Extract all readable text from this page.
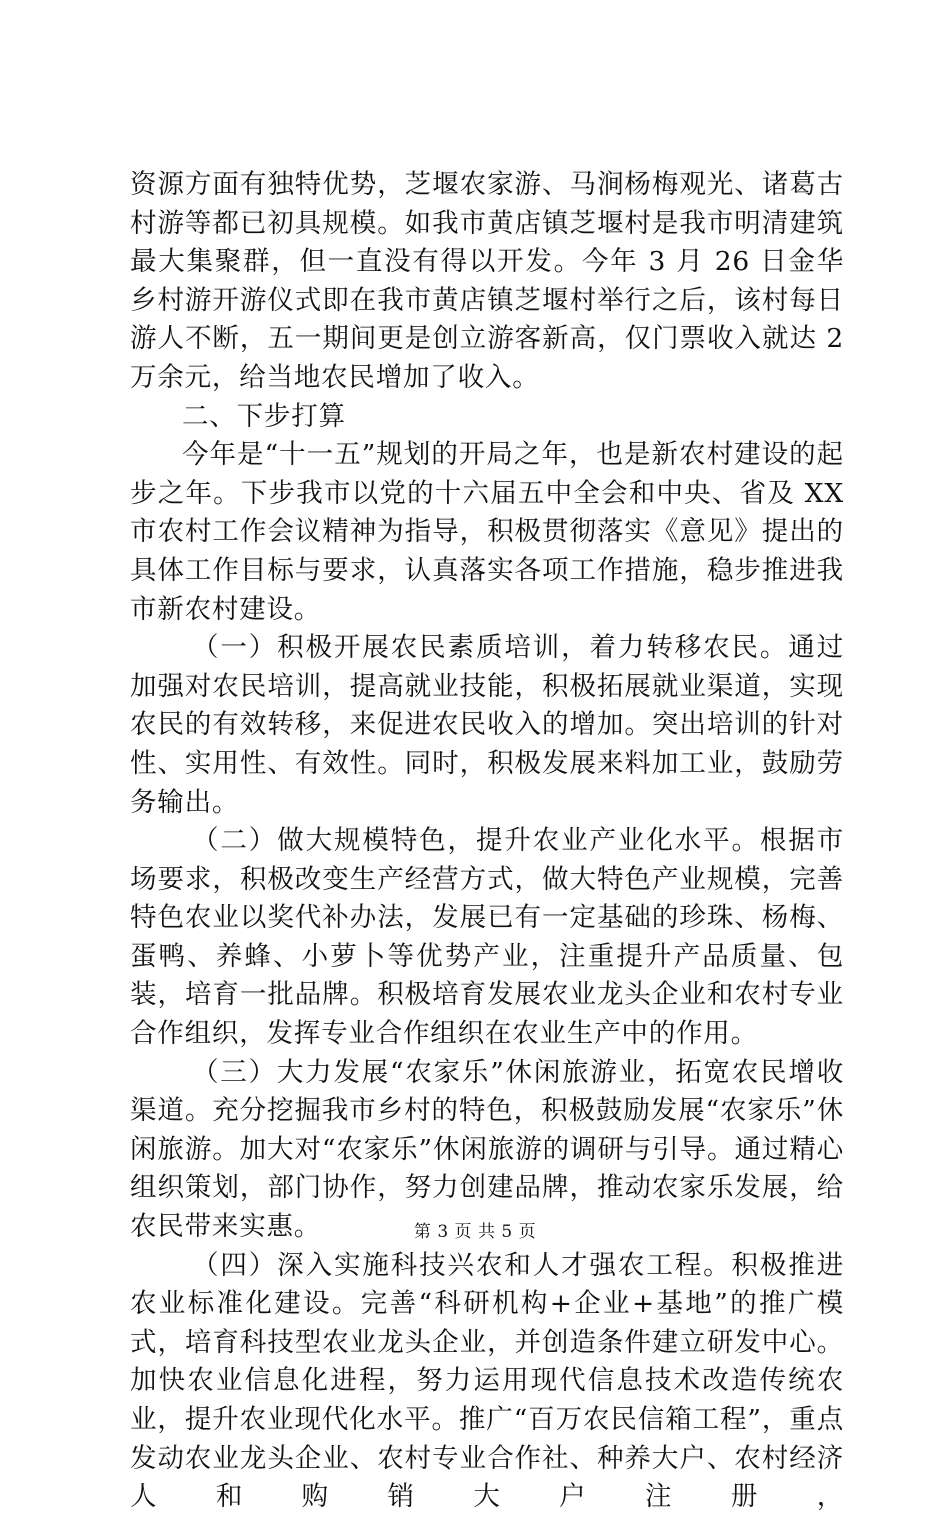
资源方面有独特优势，芝堰农家游、马涧杨梅观光、诸葛古村游等都已初具规模。如我市黄店镇芝堰村是我市明清建筑最大集聚群，但一直没有得以开发。今年 3 月 26 日金华乡村游开游仪式即在我市黄店镇芝堰村举行之后，该村每日游人不断，五一期间更是创立游客新高，仅门票收入就达 2 万余元，给当地农民增加了收入。

二、下步打算

今年是“十一五”规划的开局之年，也是新农村建设的起步之年。下步我市以党的十六届五中全会和中央、省及 XX 市农村工作会议精神为指导，积极贯彻落实《意见》提出的具体工作目标与要求，认真落实各项工作措施，稳步推进我市新农村建设。

（一）积极开展农民素质培训，着力转移农民。通过加强对农民培训，提高就业技能，积极拓展就业渠道，实现农民的有效转移，来促进农民收入的增加。突出培训的针对性、实用性、有效性。同时，积极发展来料加工业，鼓励劳务输出。

（二）做大规模特色，提升农业产业化水平。根据市场要求，积极改变生产经营方式，做大特色产业规模，完善特色农业以奖代补办法，发展已有一定基础的珍珠、杨梅、蛋鸭、养蜂、小萝卜等优势产业，注重提升产品质量、包装，培育一批品牌。积极培育发展农业龙头企业和农村专业合作组织，发挥专业合作组织在农业生产中的作用。

（三）大力发展“农家乐”休闲旅游业，拓宽农民增收渠道。充分挖掘我市乡村的特色，积极鼓励发展“农家乐”休闲旅游。加大对“农家乐”休闲旅游的调研与引导。通过精心组织策划，部门协作，努力创建品牌，推动农家乐发展，给农民带来实惠。

（四）深入实施科技兴农和人才强农工程。积极推进农业标准化建设。完善“科研机构+企业+基地”的推广模式，培育科技型农业龙头企业，并创造条件建立研发中心。加快农业信息化进程，努力运用现代信息技术改造传统农业，提升农业现代化水平。推广“百万农民信箱工程”，重点发动农业龙头企业、农村专业合作社、种养大户、农村经济人和购销大户注册，

第 3 页 共 5 页
